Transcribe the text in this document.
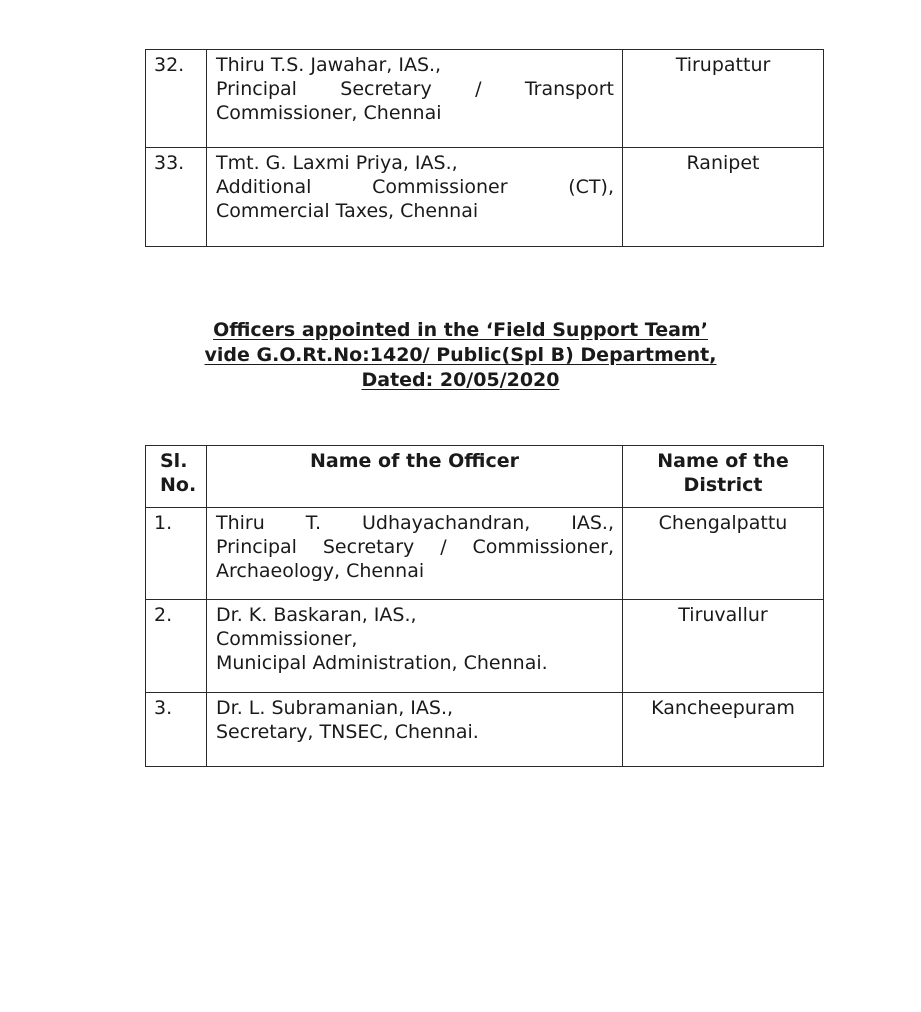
32.	Thiru T.S. Jawahar, IAS.,
Principal Secretary / Transport
Commissioner, Chennai	Tirupattur
33.	Tmt. G. Laxmi Priya, IAS.,
Additional Commissioner (CT),
Commercial Taxes, Chennai	Ranipet
Officers appointed in the ‘Field Support Team’
vide G.O.Rt.No:1420/ Public(Spl B) Department,
Dated: 20/05/2020
Sl.
No.	Name of the Officer	Name of the
District
1.	Thiru T. Udhayachandran, IAS.,
Principal Secretary / Commissioner,
Archaeology, Chennai	Chengalpattu
2.	Dr. K. Baskaran, IAS.,
Commissioner,
Municipal Administration, Chennai.	Tiruvallur
3.	Dr. L. Subramanian, IAS.,
Secretary, TNSEC, Chennai.	Kancheepuram
